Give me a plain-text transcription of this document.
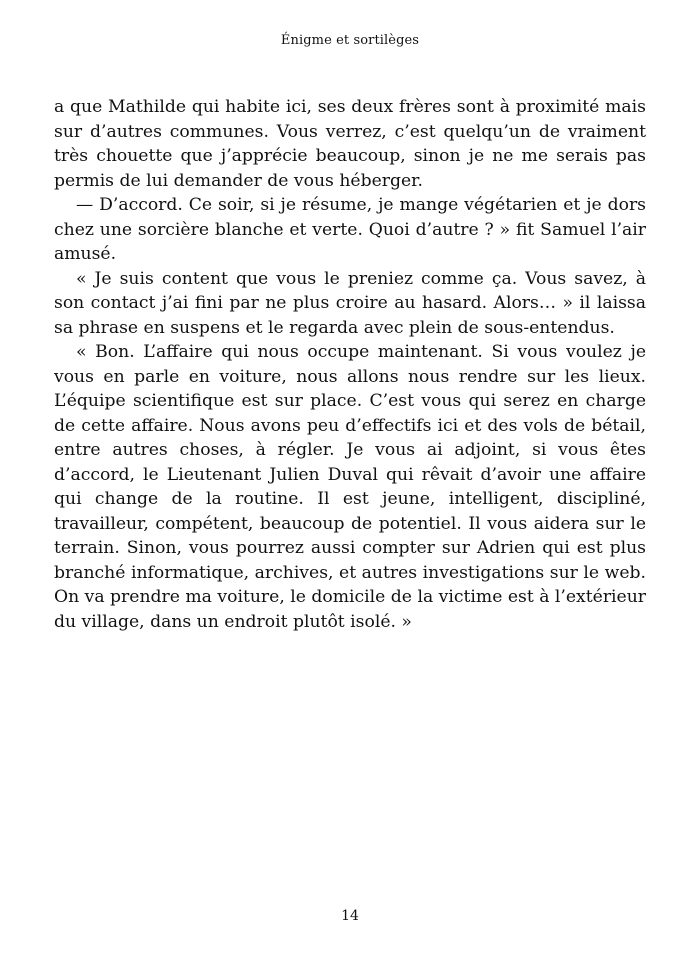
Énigme et sortilèges

a que Mathilde qui habite ici, ses deux frères sont à proximité mais sur d’autres communes. Vous verrez, c’est quelqu’un de vraiment très chouette que j’apprécie beaucoup, sinon je ne me serais pas permis de lui demander de vous héberger.

— D’accord. Ce soir, si je résume, je mange végétarien et je dors chez une sorcière blanche et verte. Quoi d’autre ? » fit Samuel l’air amusé.

« Je suis content que vous le preniez comme ça. Vous savez, à son contact j’ai fini par ne plus croire au hasard. Alors… » il laissa sa phrase en suspens et le regarda avec plein de sous-entendus.

« Bon. L’affaire qui nous occupe maintenant. Si vous voulez je vous en parle en voiture, nous allons nous rendre sur les lieux. L’équipe scientifique est sur place. C’est vous qui serez en charge de cette affaire. Nous avons peu d’effectifs ici et des vols de bétail, entre autres choses, à régler. Je vous ai adjoint, si vous êtes d’accord, le Lieutenant Julien Duval qui rêvait d’avoir une affaire qui change de la routine. Il est jeune, intelligent, discipliné, travailleur, compétent, beaucoup de potentiel. Il vous aidera sur le terrain. Sinon, vous pourrez aussi compter sur Adrien qui est plus branché informatique, archives, et autres investigations sur le web. On va prendre ma voiture, le domicile de la victime est à l’extérieur du village, dans un endroit plutôt isolé. »

14
